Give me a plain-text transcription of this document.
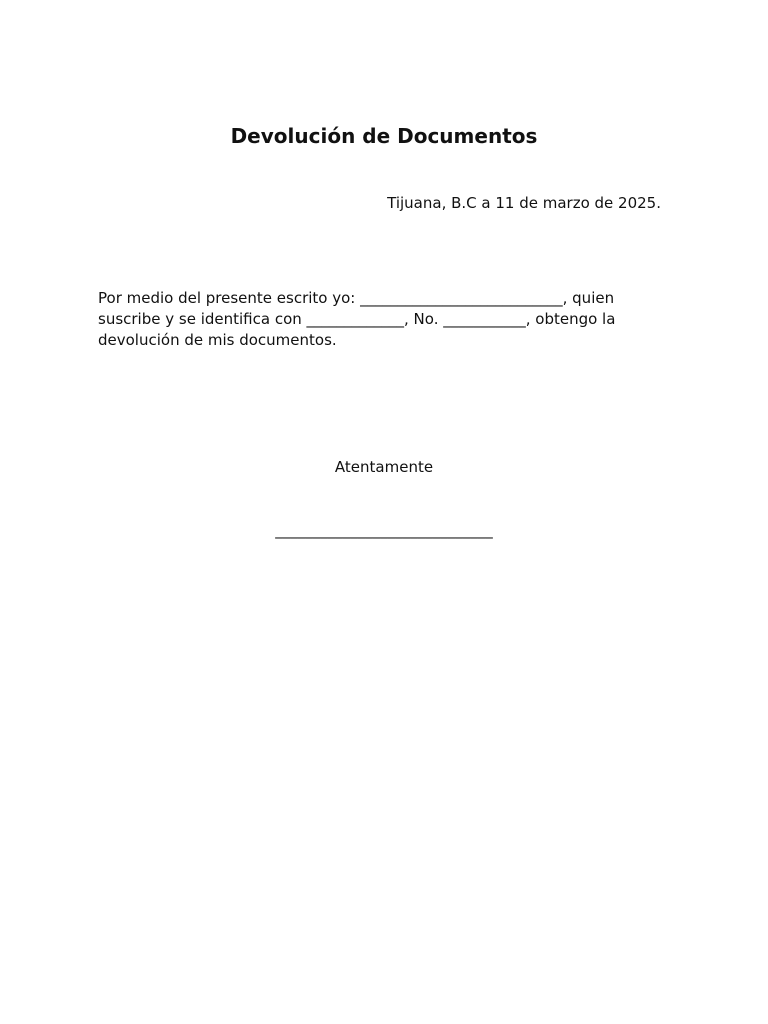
Devolución de Documentos
Tijuana, B.C a 11 de marzo de 2025.

Por medio del presente escrito yo: ___________________________, quien suscribe y se identifica con _____________, No. ___________, obtengo la devolución de mis documentos.

Atentamente
_____________________________
